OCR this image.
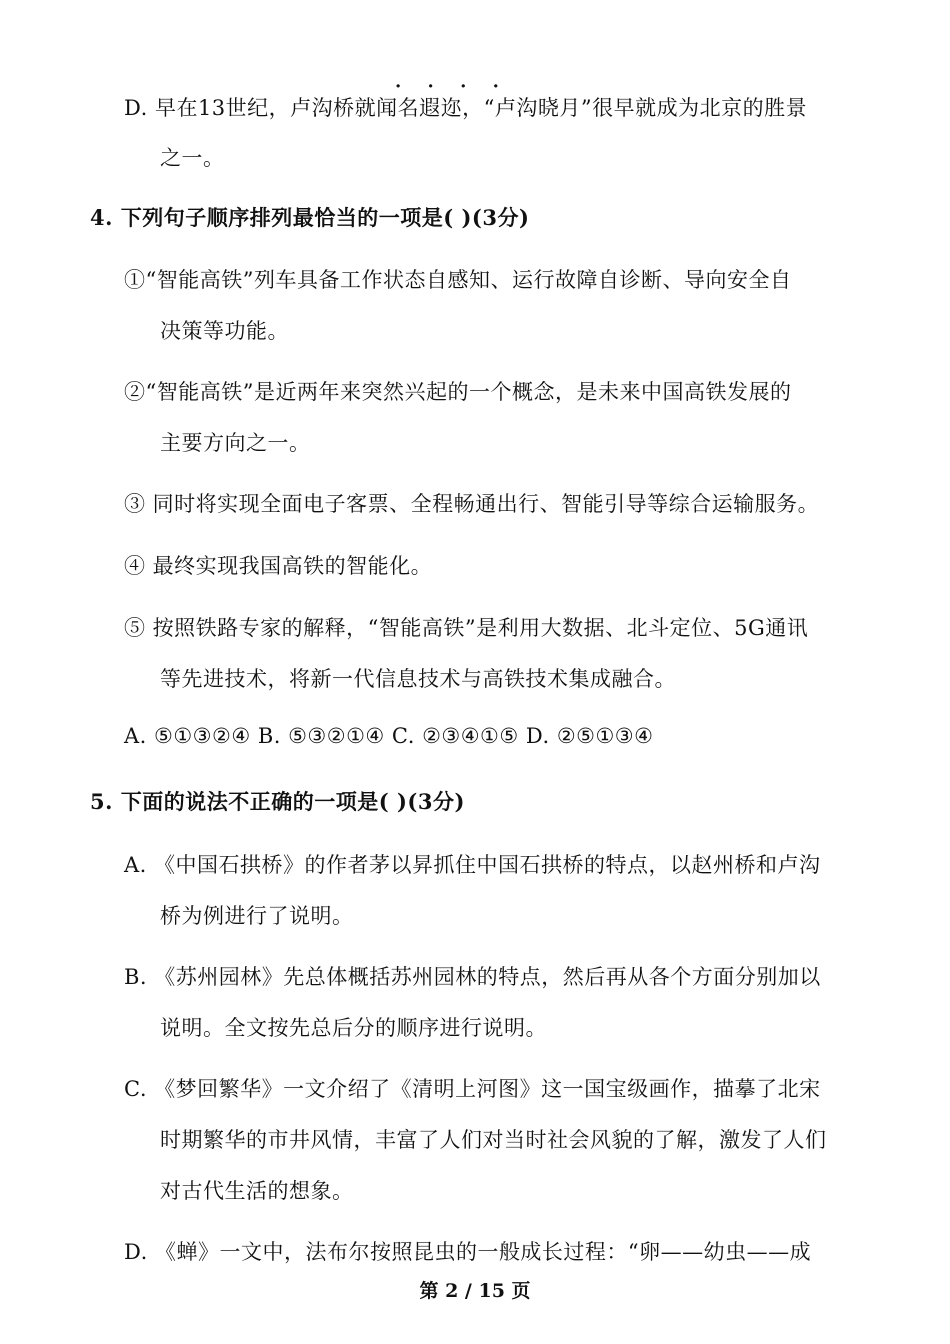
· · · ·
D. 早在13世纪，卢沟桥就闻名遐迩，“卢沟晓月”很早就成为北京的胜景
之一。
4. 下列句子顺序排列最恰当的一项是( )(3分)
①“智能高铁”列车具备工作状态自感知、运行故障自诊断、导向安全自
决策等功能。
②“智能高铁”是近两年来突然兴起的一个概念，是未来中国高铁发展的
主要方向之一。
③ 同时将实现全面电子客票、全程畅通出行、智能引导等综合运输服务。
④ 最终实现我国高铁的智能化。
⑤ 按照铁路专家的解释，“智能高铁”是利用大数据、北斗定位、5G通讯
等先进技术，将新一代信息技术与高铁技术集成融合。
A. ⑤①③②④ B. ⑤③②①④ C. ②③④①⑤ D. ②⑤①③④
5. 下面的说法不正确的一项是( )(3分)
A. 《中国石拱桥》的作者茅以昇抓住中国石拱桥的特点，以赵州桥和卢沟
桥为例进行了说明。
B. 《苏州园林》先总体概括苏州园林的特点，然后再从各个方面分别加以
说明。全文按先总后分的顺序进行说明。
C. 《梦回繁华》一文介绍了《清明上河图》这一国宝级画作，描摹了北宋
时期繁华的市井风情，丰富了人们对当时社会风貌的了解，激发了人们
对古代生活的想象。
D. 《蝉》一文中，法布尔按照昆虫的一般成长过程：“卵——幼虫——成
第 2 / 15 页
